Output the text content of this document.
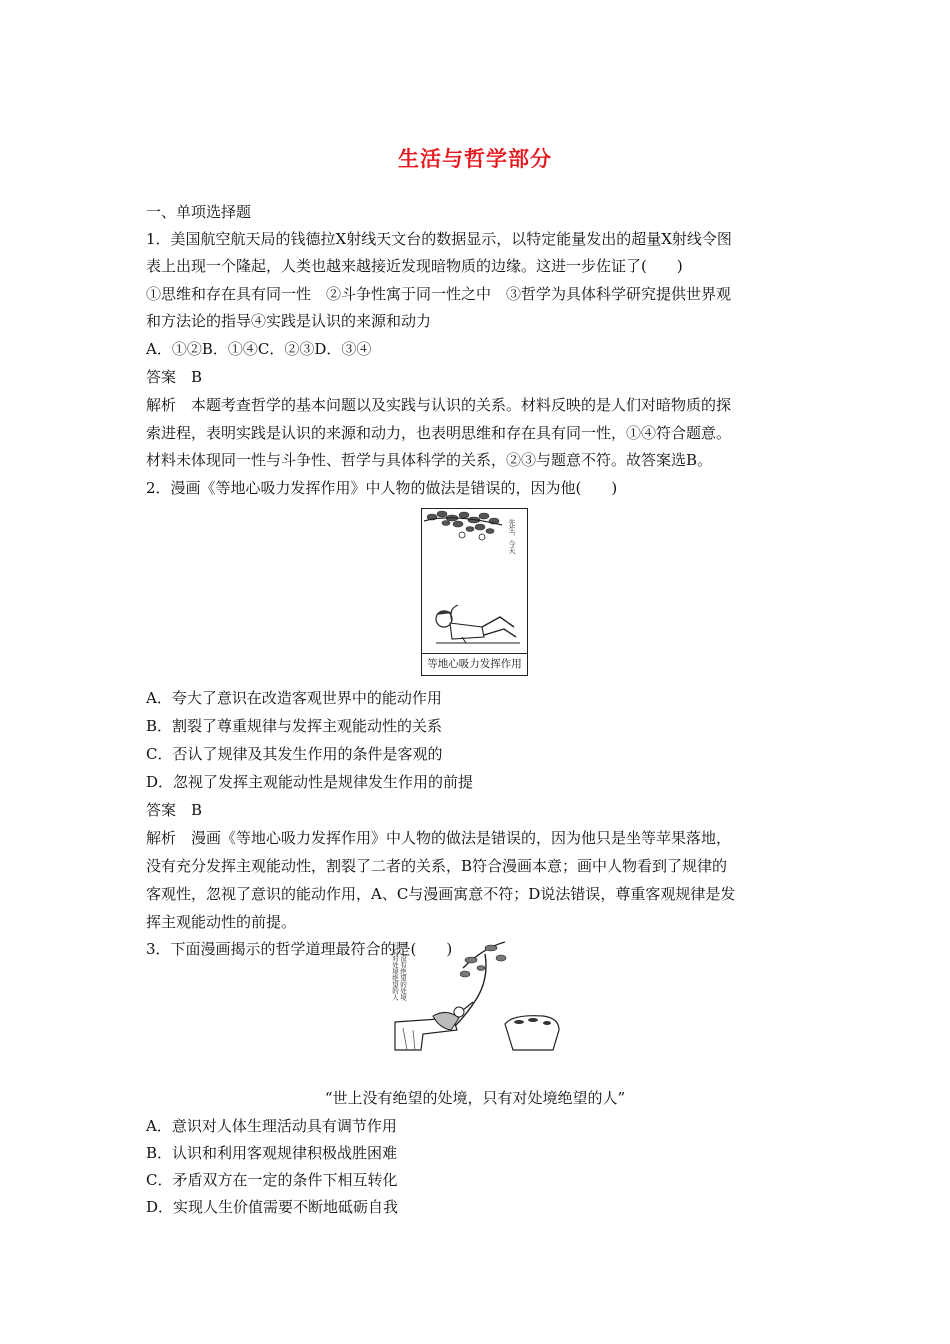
生活与哲学部分
一、单项选择题
1．美国航空航天局的钱德拉X射线天文台的数据显示，以特定能量发出的超量X射线令图
表上出现一个隆起，人类也越来越接近发现暗物质的边缘。这进一步佐证了(　　)
①思维和存在具有同一性　②斗争性寓于同一性之中　③哲学为具体科学研究提供世界观
和方法论的指导④实践是认识的来源和动力
A．①②B．①④C．②③D．③④
答案　B
解析　本题考查哲学的基本问题以及实践与认识的关系。材料反映的是人们对暗物质的探
索进程，表明实践是认识的来源和动力，也表明思维和存在具有同一性，①④符合题意。
材料未体现同一性与斗争性、哲学与具体科学的关系，②③与题意不符。故答案选B。
2．漫画《等地心吸力发挥作用》中人物的做法是错误的，因为他(　　)
先生，今天
等地心吸力发挥作用
A．夸大了意识在改造客观世界中的能动作用
B．割裂了尊重规律与发挥主观能动性的关系
C．否认了规律及其发生作用的条件是客观的
D．忽视了发挥主观能动性是规律发生作用的前提
答案　B
解析　漫画《等地心吸力发挥作用》中人物的做法是错误的，因为他只是坐等苹果落地，
没有充分发挥主观能动性，割裂了二者的关系，B符合漫画本意；画中人物看到了规律的
客观性，忽视了意识的能动作用，A、C与漫画寓意不符；D说法错误，尊重客观规律是发
挥主观能动性的前提。
3．下面漫画揭示的哲学道理最符合的是(　　)
世上没有绝望的处境
只有对处境绝望的人
“世上没有绝望的处境，只有对处境绝望的人”
A．意识对人体生理活动具有调节作用
B．认识和利用客观规律积极战胜困难
C．矛盾双方在一定的条件下相互转化
D．实现人生价值需要不断地砥砺自我
